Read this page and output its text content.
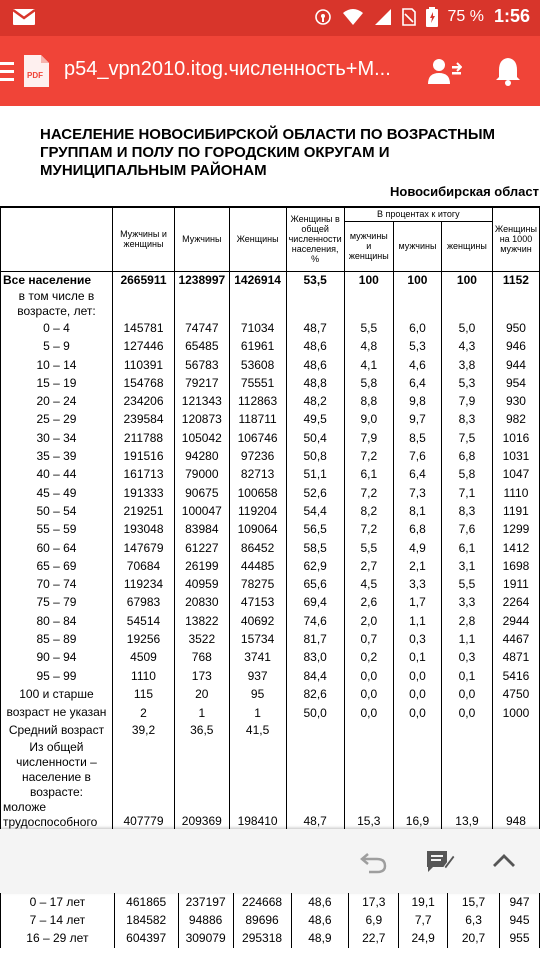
75 % 1:56
PDF p54_vpn2010.itog.численность+М...
НАСЕЛЕНИЕ НОВОСИБИРСКОЙ ОБЛАСТИ ПО ВОЗРАСТНЫМ ГРУППАМ И ПОЛУ ПО ГОРОДСКИМ ОКРУГАМ И МУНИЦИПАЛЬНЫМ РАЙОНАМ
Новосибирская област
	Мужчины и женщины	Мужчины	Женщины	Женщины в общей численности населения, %	В процентах к итогу			Женщины на 1000 мужчин
					мужчины и женщины	мужчины	женщины	
Все население	2665911	1238997	1426914	53,5	100	100	100	1152
в том числе в возрасте, лет:								
0 – 4	145781	74747	71034	48,7	5,5	6,0	5,0	950
5 – 9	127446	65485	61961	48,6	4,8	5,3	4,3	946
10 – 14	110391	56783	53608	48,6	4,1	4,6	3,8	944
15 – 19	154768	79217	75551	48,8	5,8	6,4	5,3	954
20 – 24	234206	121343	112863	48,2	8,8	9,8	7,9	930
25 – 29	239584	120873	118711	49,5	9,0	9,7	8,3	982
30 – 34	211788	105042	106746	50,4	7,9	8,5	7,5	1016
35 – 39	191516	94280	97236	50,8	7,2	7,6	6,8	1031
40 – 44	161713	79000	82713	51,1	6,1	6,4	5,8	1047
45 – 49	191333	90675	100658	52,6	7,2	7,3	7,1	1110
50 – 54	219251	100047	119204	54,4	8,2	8,1	8,3	1191
55 – 59	193048	83984	109064	56,5	7,2	6,8	7,6	1299
60 – 64	147679	61227	86452	58,5	5,5	4,9	6,1	1412
65 – 69	70684	26199	44485	62,9	2,7	2,1	3,1	1698
70 – 74	119234	40959	78275	65,6	4,5	3,3	5,5	1911
75 – 79	67983	20830	47153	69,4	2,6	1,7	3,3	2264
80 – 84	54514	13822	40692	74,6	2,0	1,1	2,8	2944
85 – 89	19256	3522	15734	81,7	0,7	0,3	1,1	4467
90 – 94	4509	768	3741	83,0	0,2	0,1	0,3	4871
95 – 99	1110	173	937	84,4	0,0	0,0	0,1	5416
100 и старше	115	20	95	82,6	0,0	0,0	0,0	4750
возраст не указан	2	1	1	50,0	0,0	0,0	0,0	1000
Средний возраст	39,2	36,5	41,5					
Из общей численности – население в возрасте:								
моложе трудоспособного	407779	209369	198410	48,7	15,3	16,9	13,9	948

0 – 17 лет	461865	237197	224668	48,6	17,3	19,1	15,7	947
7 – 14 лет	184582	94886	89696	48,6	6,9	7,7	6,3	945
16 – 29 лет	604397	309079	295318	48,9	22,7	24,9	20,7	955
